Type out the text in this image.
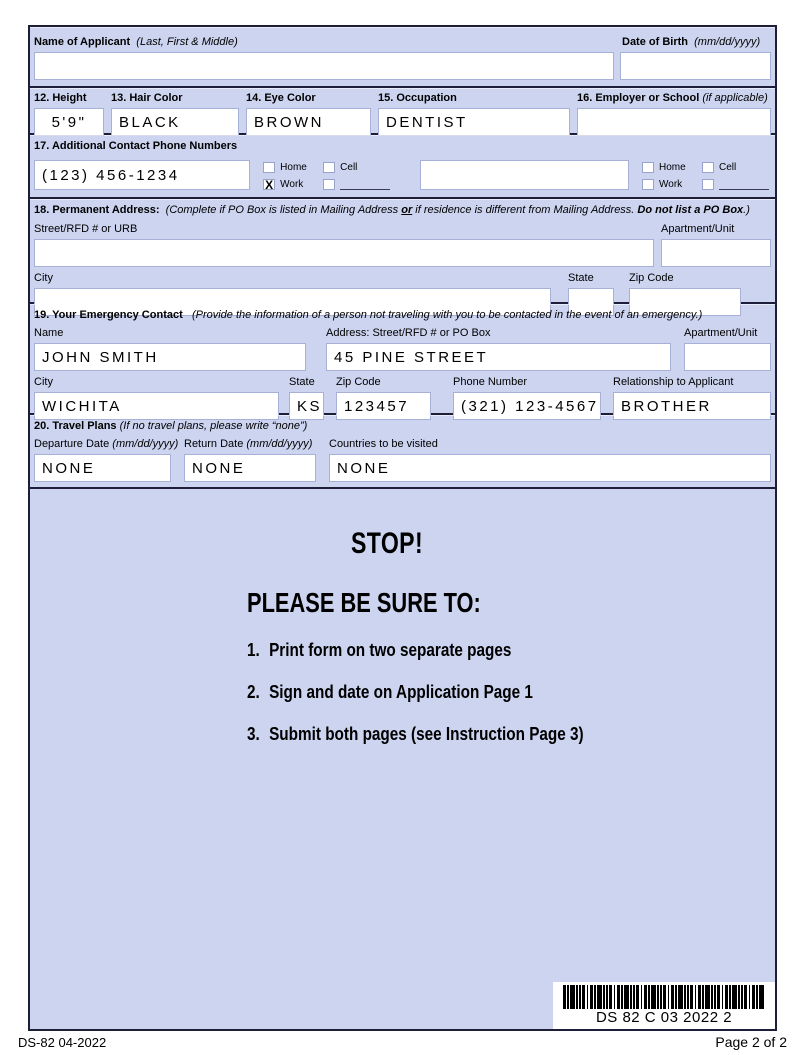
Name of Applicant (Last, First & Middle)	Date of Birth (mm/dd/yyyy)
12. Height
5'9"
13. Hair Color
BLACK
14. Eye Color
BROWN
15. Occupation
DENTIST
16. Employer or School (if applicable)
17. Additional Contact Phone Numbers
(123) 456-1234	Home	Cell
X Work
Home	Cell
Work
18. Permanent Address: (Complete if PO Box is listed in Mailing Address or if residence is different from Mailing Address. Do not list a PO Box.)
Street/RFD # or URB	Apartment/Unit
City	State	Zip Code
19. Your Emergency Contact (Provide the information of a person not traveling with you to be contacted in the event of an emergency.)
Name
JOHN SMITH
Address: Street/RFD # or PO Box
45 PINE STREET
Apartment/Unit
City
WICHITA
State
KS
Zip Code
123457
Phone Number
(321) 123-4567
Relationship to Applicant
BROTHER
20. Travel Plans (If no travel plans, please write “none”)
Departure Date (mm/dd/yyyy)
NONE
Return Date (mm/dd/yyyy)
NONE
Countries to be visited
NONE
STOP!
PLEASE BE SURE TO:
1. Print form on two separate pages
2. Sign and date on Application Page 1
3. Submit both pages (see Instruction Page 3)
DS 82 C 03 2022 2
DS-82 04-2022	Page 2 of 2
